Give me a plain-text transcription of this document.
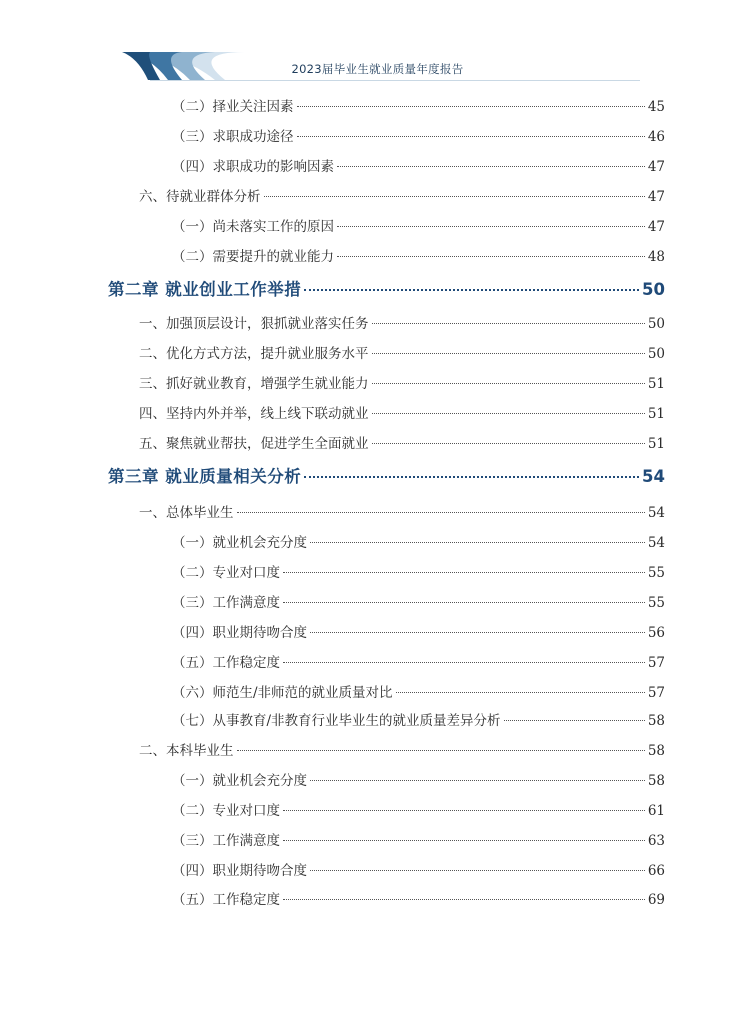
2023届毕业生就业质量年度报告
（二）择业关注因素	45
（三）求职成功途径	46
（四）求职成功的影响因素	47
六、待就业群体分析	47
（一）尚未落实工作的原因	47
（二）需要提升的就业能力	48
第二章 就业创业工作举措	50
一、加强顶层设计，狠抓就业落实任务	50
二、优化方式方法，提升就业服务水平	50
三、抓好就业教育，增强学生就业能力	51
四、坚持内外并举，线上线下联动就业	51
五、聚焦就业帮扶，促进学生全面就业	51
第三章 就业质量相关分析	54
一、总体毕业生	54
（一）就业机会充分度	54
（二）专业对口度	55
（三）工作满意度	55
（四）职业期待吻合度	56
（五）工作稳定度	57
（六）师范生/非师范的就业质量对比	57
（七）从事教育/非教育行业毕业生的就业质量差异分析	58
二、本科毕业生	58
（一）就业机会充分度	58
（二）专业对口度	61
（三）工作满意度	63
（四）职业期待吻合度	66
（五）工作稳定度	69
